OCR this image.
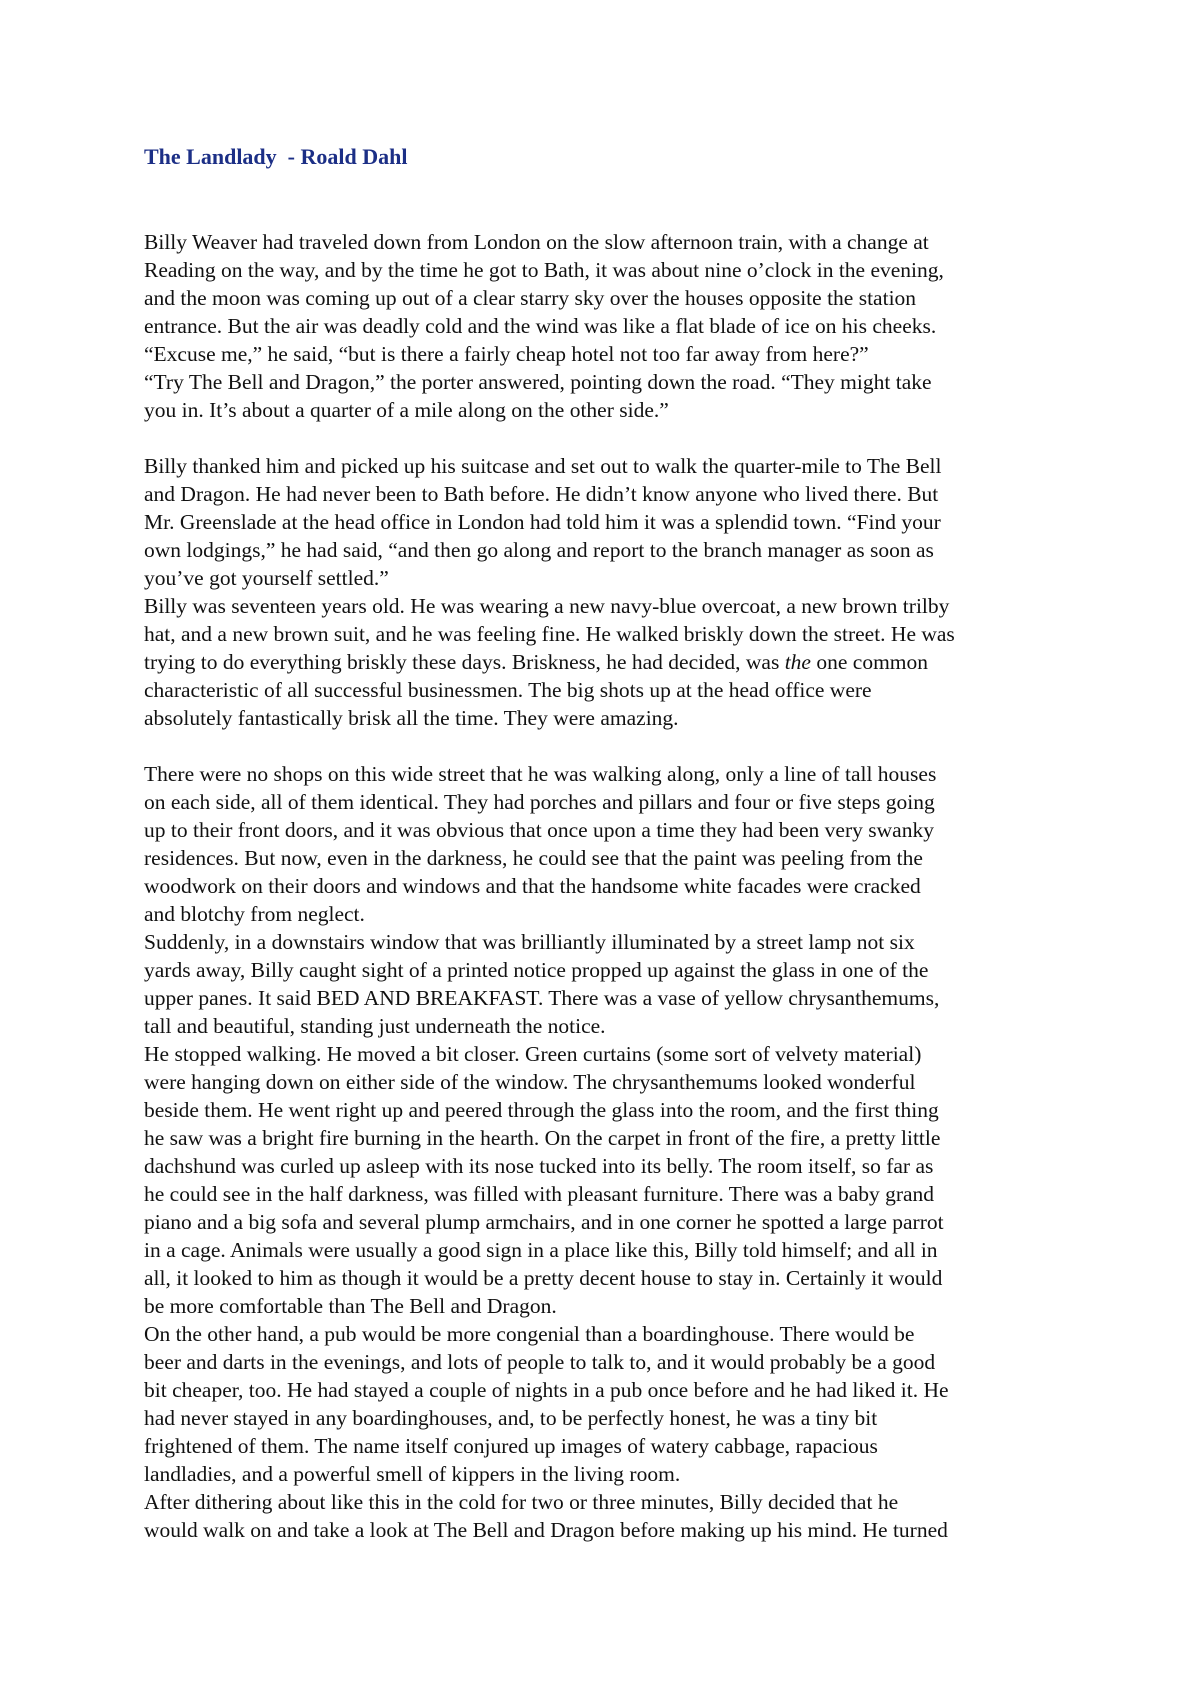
The Landlady  - Roald Dahl

Billy Weaver had traveled down from London on the slow afternoon train, with a change at

Reading on the way, and by the time he got to Bath, it was about nine o’clock in the evening,

and the moon was coming up out of a clear starry sky over the houses opposite the station

entrance. But the air was deadly cold and the wind was like a flat blade of ice on his cheeks.

“Excuse me,” he said, “but is there a fairly cheap hotel not too far away from here?”

“Try The Bell and Dragon,” the porter answered, pointing down the road. “They might take

you in. It’s about a quarter of a mile along on the other side.”

Billy thanked him and picked up his suitcase and set out to walk the quarter-mile to The Bell

and Dragon. He had never been to Bath before. He didn’t know anyone who lived there. But

Mr. Greenslade at the head office in London had told him it was a splendid town. “Find your

own lodgings,” he had said, “and then go along and report to the branch manager as soon as

you’ve got yourself settled.”

Billy was seventeen years old. He was wearing a new navy-blue overcoat, a new brown trilby

hat, and a new brown suit, and he was feeling fine. He walked briskly down the street. He was

trying to do everything briskly these days. Briskness, he had decided, was the one common

characteristic of all successful businessmen. The big shots up at the head office were

absolutely fantastically brisk all the time. They were amazing.

There were no shops on this wide street that he was walking along, only a line of tall houses

on each side, all of them identical. They had porches and pillars and four or five steps going

up to their front doors, and it was obvious that once upon a time they had been very swanky

residences. But now, even in the darkness, he could see that the paint was peeling from the

woodwork on their doors and windows and that the handsome white facades were cracked

and blotchy from neglect.

Suddenly, in a downstairs window that was brilliantly illuminated by a street lamp not six

yards away, Billy caught sight of a printed notice propped up against the glass in one of the

upper panes. It said BED AND BREAKFAST. There was a vase of yellow chrysanthemums,

tall and beautiful, standing just underneath the notice.

He stopped walking. He moved a bit closer. Green curtains (some sort of velvety material)

were hanging down on either side of the window. The chrysanthemums looked wonderful

beside them. He went right up and peered through the glass into the room, and the first thing

he saw was a bright fire burning in the hearth. On the carpet in front of the fire, a pretty little

dachshund was curled up asleep with its nose tucked into its belly. The room itself, so far as

he could see in the half darkness, was filled with pleasant furniture. There was a baby grand

piano and a big sofa and several plump armchairs, and in one corner he spotted a large parrot

in a cage. Animals were usually a good sign in a place like this, Billy told himself; and all in

all, it looked to him as though it would be a pretty decent house to stay in. Certainly it would

be more comfortable than The Bell and Dragon.

On the other hand, a pub would be more congenial than a boardinghouse. There would be

beer and darts in the evenings, and lots of people to talk to, and it would probably be a good

bit cheaper, too. He had stayed a couple of nights in a pub once before and he had liked it. He

had never stayed in any boardinghouses, and, to be perfectly honest, he was a tiny bit

frightened of them. The name itself conjured up images of watery cabbage, rapacious

landladies, and a powerful smell of kippers in the living room.

After dithering about like this in the cold for two or three minutes, Billy decided that he

would walk on and take a look at The Bell and Dragon before making up his mind. He turned
